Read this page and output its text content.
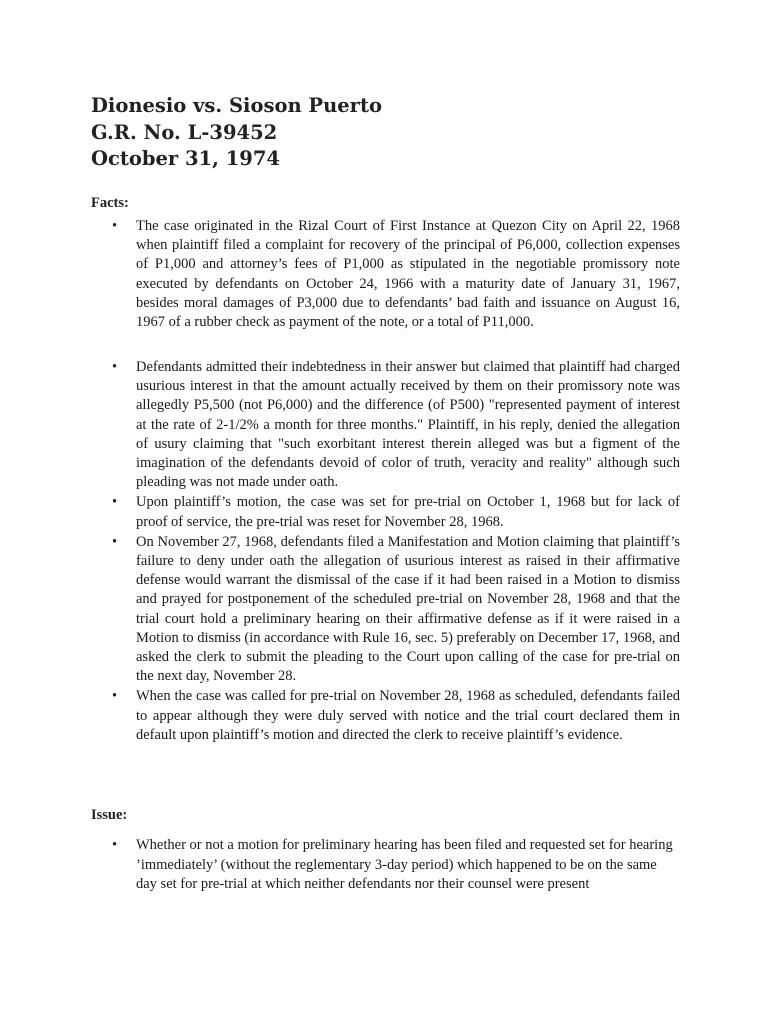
Dionesio vs. Sioson Puerto
G.R. No. L-39452
October 31, 1974
Facts:
• The case originated in the Rizal Court of First Instance at Quezon City on April 22, 1968 when plaintiff filed a complaint for recovery of the principal of P6,000, collection expenses of P1,000 and attorney’s fees of P1,000 as stipulated in the negotiable promissory note executed by defendants on October 24, 1966 with a maturity date of January 31, 1967, besides moral damages of P3,000 due to defendants’ bad faith and issuance on August 16, 1967 of a rubber check as payment of the note, or a total of P11,000.
• Defendants admitted their indebtedness in their answer but claimed that plaintiff had charged usurious interest in that the amount actually received by them on their promissory note was allegedly P5,500 (not P6,000) and the difference (of P500) "represented payment of interest at the rate of 2-1/2% a month for three months." Plaintiff, in his reply, denied the allegation of usury claiming that "such exorbitant interest therein alleged was but a figment of the imagination of the defendants devoid of color of truth, veracity and reality" although such pleading was not made under oath.
• Upon plaintiff’s motion, the case was set for pre-trial on October 1, 1968 but for lack of proof of service, the pre-trial was reset for November 28, 1968.
• On November 27, 1968, defendants filed a Manifestation and Motion claiming that plaintiff’s failure to deny under oath the allegation of usurious interest as raised in their affirmative defense would warrant the dismissal of the case if it had been raised in a Motion to dismiss and prayed for postponement of the scheduled pre-trial on November 28, 1968 and that the trial court hold a preliminary hearing on their affirmative defense as if it were raised in a Motion to dismiss (in accordance with Rule 16, sec. 5) preferably on December 17, 1968, and asked the clerk to submit the pleading to the Court upon calling of the case for pre-trial on the next day, November 28.
• When the case was called for pre-trial on November 28, 1968 as scheduled, defendants failed to appear although they were duly served with notice and the trial court declared them in default upon plaintiff’s motion and directed the clerk to receive plaintiff’s evidence.
Issue:
• Whether or not a motion for preliminary hearing has been filed and requested set for hearing ’immediately’ (without the reglementary 3-day period) which happened to be on the same day set for pre-trial at which neither defendants nor their counsel were present
